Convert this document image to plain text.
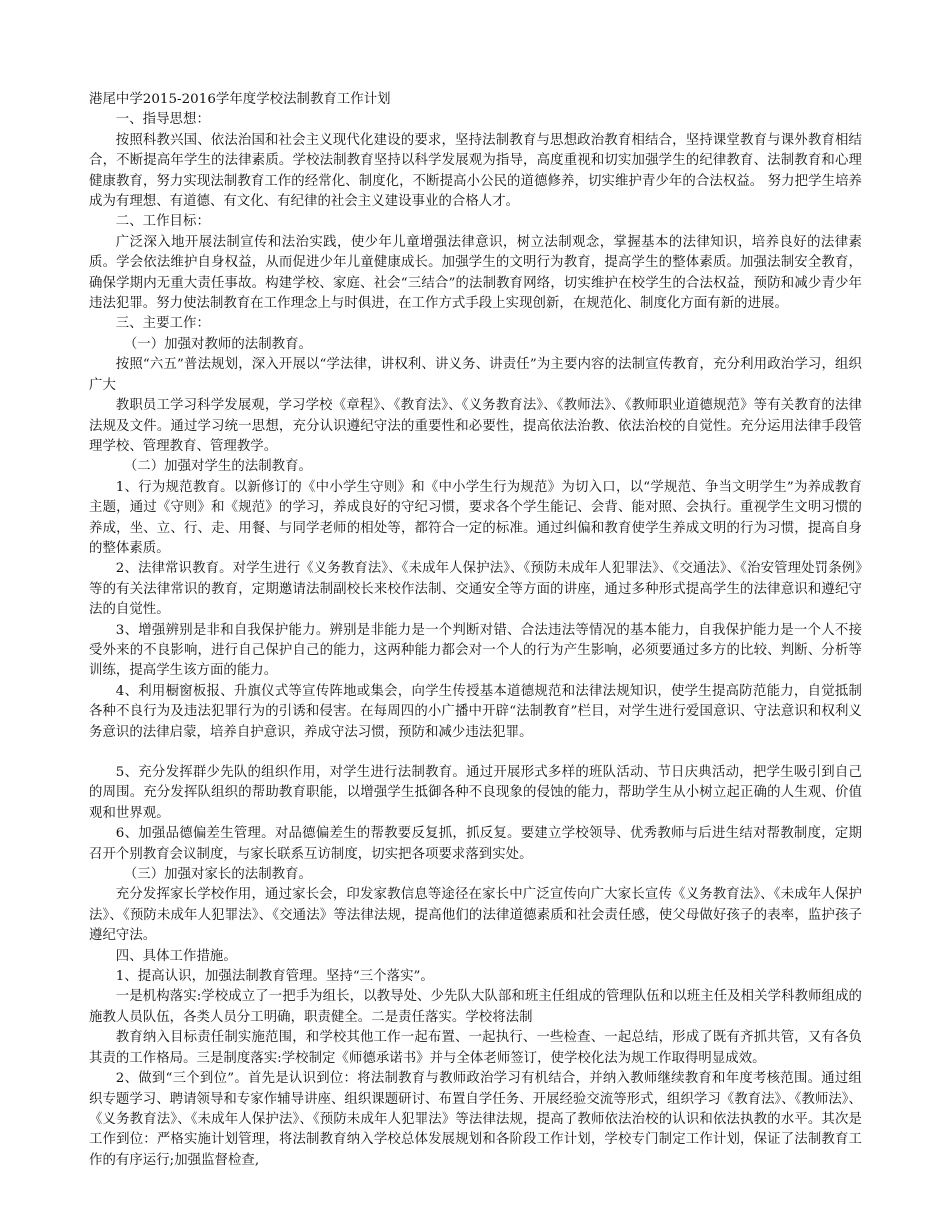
港尾中学2015-2016学年度学校法制教育工作计划

一、指导思想：

按照科教兴国、依法治国和社会主义现代化建设的要求，坚持法制教育与思想政治教育相结合，坚持课堂教育与课外教育相结合，不断提高年学生的法律素质。学校法制教育坚持以科学发展观为指导，高度重视和切实加强学生的纪律教育、法制教育和心理健康教育，努力实现法制教育工作的经常化、制度化，不断提高小公民的道德修养，切实维护青少年的合法权益。 努力把学生培养成为有理想、有道德、有文化、有纪律的社会主义建设事业的合格人才。

二、工作目标：

广泛深入地开展法制宣传和法治实践，使少年儿童增强法律意识，树立法制观念，掌握基本的法律知识，培养良好的法律素质。学会依法维护自身权益，从而促进少年儿童健康成长。加强学生的文明行为教育，提高学生的整体素质。加强法制安全教育，确保学期内无重大责任事故。构建学校、家庭、社会“三结合”的法制教育网络，切实维护在校学生的合法权益，预防和减少青少年违法犯罪。努力使法制教育在工作理念上与时俱进，在工作方式手段上实现创新，在规范化、制度化方面有新的进展。

三、主要工作：

（一）加强对教师的法制教育。

按照“六五”普法规划，深入开展以“学法律，讲权利、讲义务、讲责任”为主要内容的法制宣传教育，充分利用政治学习，组织广大

教职员工学习科学发展观，学习学校《章程》、《教育法》、《义务教育法》、《教师法》、《教师职业道德规范》等有关教育的法律法规及文件。通过学习统一思想，充分认识遵纪守法的重要性和必要性，提高依法治教、依法治校的自觉性。充分运用法律手段管理学校、管理教育、管理教学。

（二）加强对学生的法制教育。

1、行为规范教育。以新修订的《中小学生守则》和《中小学生行为规范》为切入口，以“学规范、争当文明学生”为养成教育主题，通过《守则》和《规范》的学习，养成良好的守纪习惯，要求各个学生能记、会背、能对照、会执行。重视学生文明习惯的养成，坐、立、行、走、用餐、与同学老师的相处等，都符合一定的标准。通过纠偏和教育使学生养成文明的行为习惯，提高自身的整体素质。

2、法律常识教育。对学生进行《义务教育法》、《未成年人保护法》、《预防未成年人犯罪法》、《交通法》、《治安管理处罚条例》等的有关法律常识的教育，定期邀请法制副校长来校作法制、交通安全等方面的讲座，通过多种形式提高学生的法律意识和遵纪守法的自觉性。

3、增强辨别是非和自我保护能力。辨别是非能力是一个判断对错、合法违法等情况的基本能力，自我保护能力是一个人不接受外来的不良影响，进行自己保护自己的能力，这两种能力都会对一个人的行为产生影响，必须要通过多方的比较、判断、分析等训练，提高学生该方面的能力。

4、利用橱窗板报、升旗仪式等宣传阵地或集会，向学生传授基本道德规范和法律法规知识，使学生提高防范能力，自觉抵制各种不良行为及违法犯罪行为的引诱和侵害。在每周四的小广播中开辟“法制教育”栏目，对学生进行爱国意识、守法意识和权利义务意识的法律启蒙，培养自护意识，养成守法习惯，预防和减少违法犯罪。

5、充分发挥群少先队的组织作用，对学生进行法制教育。通过开展形式多样的班队活动、节日庆典活动，把学生吸引到自己的周围。充分发挥队组织的帮助教育职能，以增强学生抵御各种不良现象的侵蚀的能力，帮助学生从小树立起正确的人生观、价值观和世界观。

6、加强品德偏差生管理。对品德偏差生的帮教要反复抓，抓反复。要建立学校领导、优秀教师与后进生结对帮教制度，定期召开个别教育会议制度，与家长联系互访制度，切实把各项要求落到实处。

（三）加强对家长的法制教育。

充分发挥家长学校作用，通过家长会，印发家教信息等途径在家长中广泛宣传向广大家长宣传《义务教育法》、《未成年人保护法》、《预防未成年人犯罪法》、《交通法》等法律法规，提高他们的法律道德素质和社会责任感，使父母做好孩子的表率，监护孩子遵纪守法。

四、具体工作措施。

1、提高认识，加强法制教育管理。坚持“三个落实”。

一是机构落实:学校成立了一把手为组长，以教导处、少先队大队部和班主任组成的管理队伍和以班主任及相关学科教师组成的施教人员队伍，各类人员分工明确，职责健全。二是责任落实。学校将法制

教育纳入目标责任制实施范围，和学校其他工作一起布置、一起执行、一些检查、一起总结，形成了既有齐抓共管，又有各负其责的工作格局。三是制度落实:学校制定《师德承诺书》并与全体老师签订，使学校化法为规工作取得明显成效。

2、做到“三个到位”。首先是认识到位：将法制教育与教师政治学习有机结合，并纳入教师继续教育和年度考核范围。通过组织专题学习、聘请领导和专家作辅导讲座、组织课题研讨、布置自学任务、开展经验交流等形式，组织学习《教育法》、《教师法》、《义务教育法》、《未成年人保护法》、《预防未成年人犯罪法》等法律法规，提高了教师依法治校的认识和依法执教的水平。其次是工作到位：严格实施计划管理，将法制教育纳入学校总体发展规划和各阶段工作计划，学校专门制定工作计划，保证了法制教育工作的有序运行;加强监督检查,
